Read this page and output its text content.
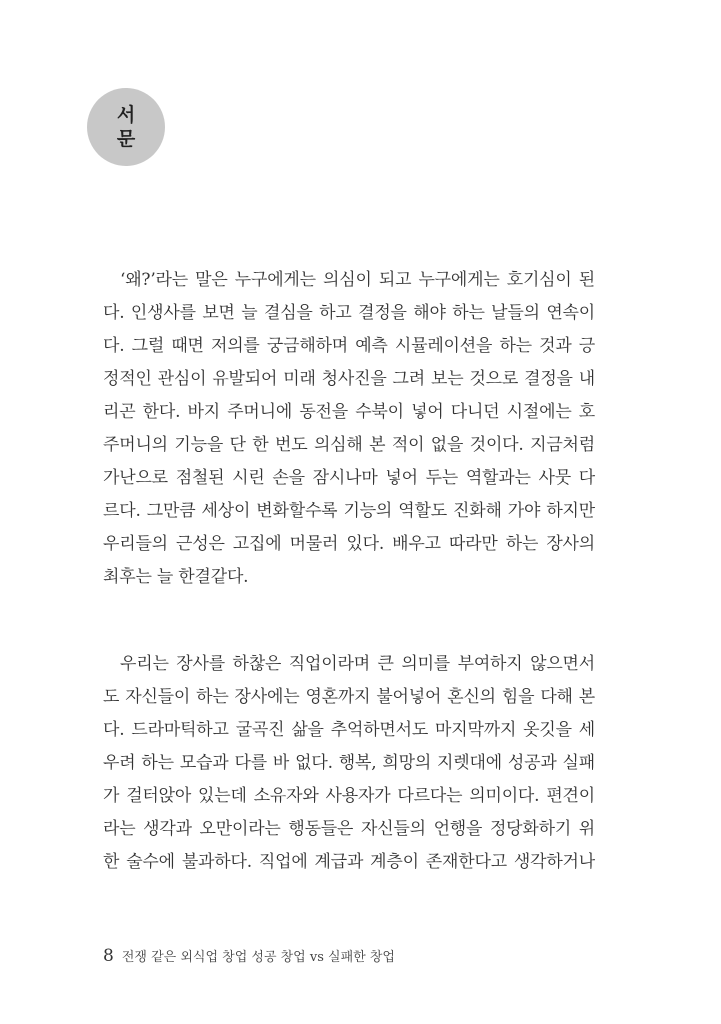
서
문
‘왜?’라는 말은 누구에게는 의심이 되고 누구에게는 호기심이 된
다. 인생사를 보면 늘 결심을 하고 결정을 해야 하는 날들의 연속이
다. 그럴 때면 저의를 궁금해하며 예측 시뮬레이션을 하는 것과 긍
정적인 관심이 유발되어 미래 청사진을 그려 보는 것으로 결정을 내
리곤 한다. 바지 주머니에 동전을 수북이 넣어 다니던 시절에는 호
주머니의 기능을 단 한 번도 의심해 본 적이 없을 것이다. 지금처럼
가난으로 점철된 시린 손을 잠시나마 넣어 두는 역할과는 사뭇 다
르다. 그만큼 세상이 변화할수록 기능의 역할도 진화해 가야 하지만
우리들의 근성은 고집에 머물러 있다. 배우고 따라만 하는 장사의
최후는 늘 한결같다.
우리는 장사를 하찮은 직업이라며 큰 의미를 부여하지 않으면서
도 자신들이 하는 장사에는 영혼까지 불어넣어 혼신의 힘을 다해 본
다. 드라마틱하고 굴곡진 삶을 추억하면서도 마지막까지 옷깃을 세
우려 하는 모습과 다를 바 없다. 행복, 희망의 지렛대에 성공과 실패
가 걸터앉아 있는데 소유자와 사용자가 다르다는 의미이다. 편견이
라는 생각과 오만이라는 행동들은 자신들의 언행을 정당화하기 위
한 술수에 불과하다. 직업에 계급과 계층이 존재한다고 생각하거나
8 전쟁 같은 외식업 창업 성공 창업 vs 실패한 창업
